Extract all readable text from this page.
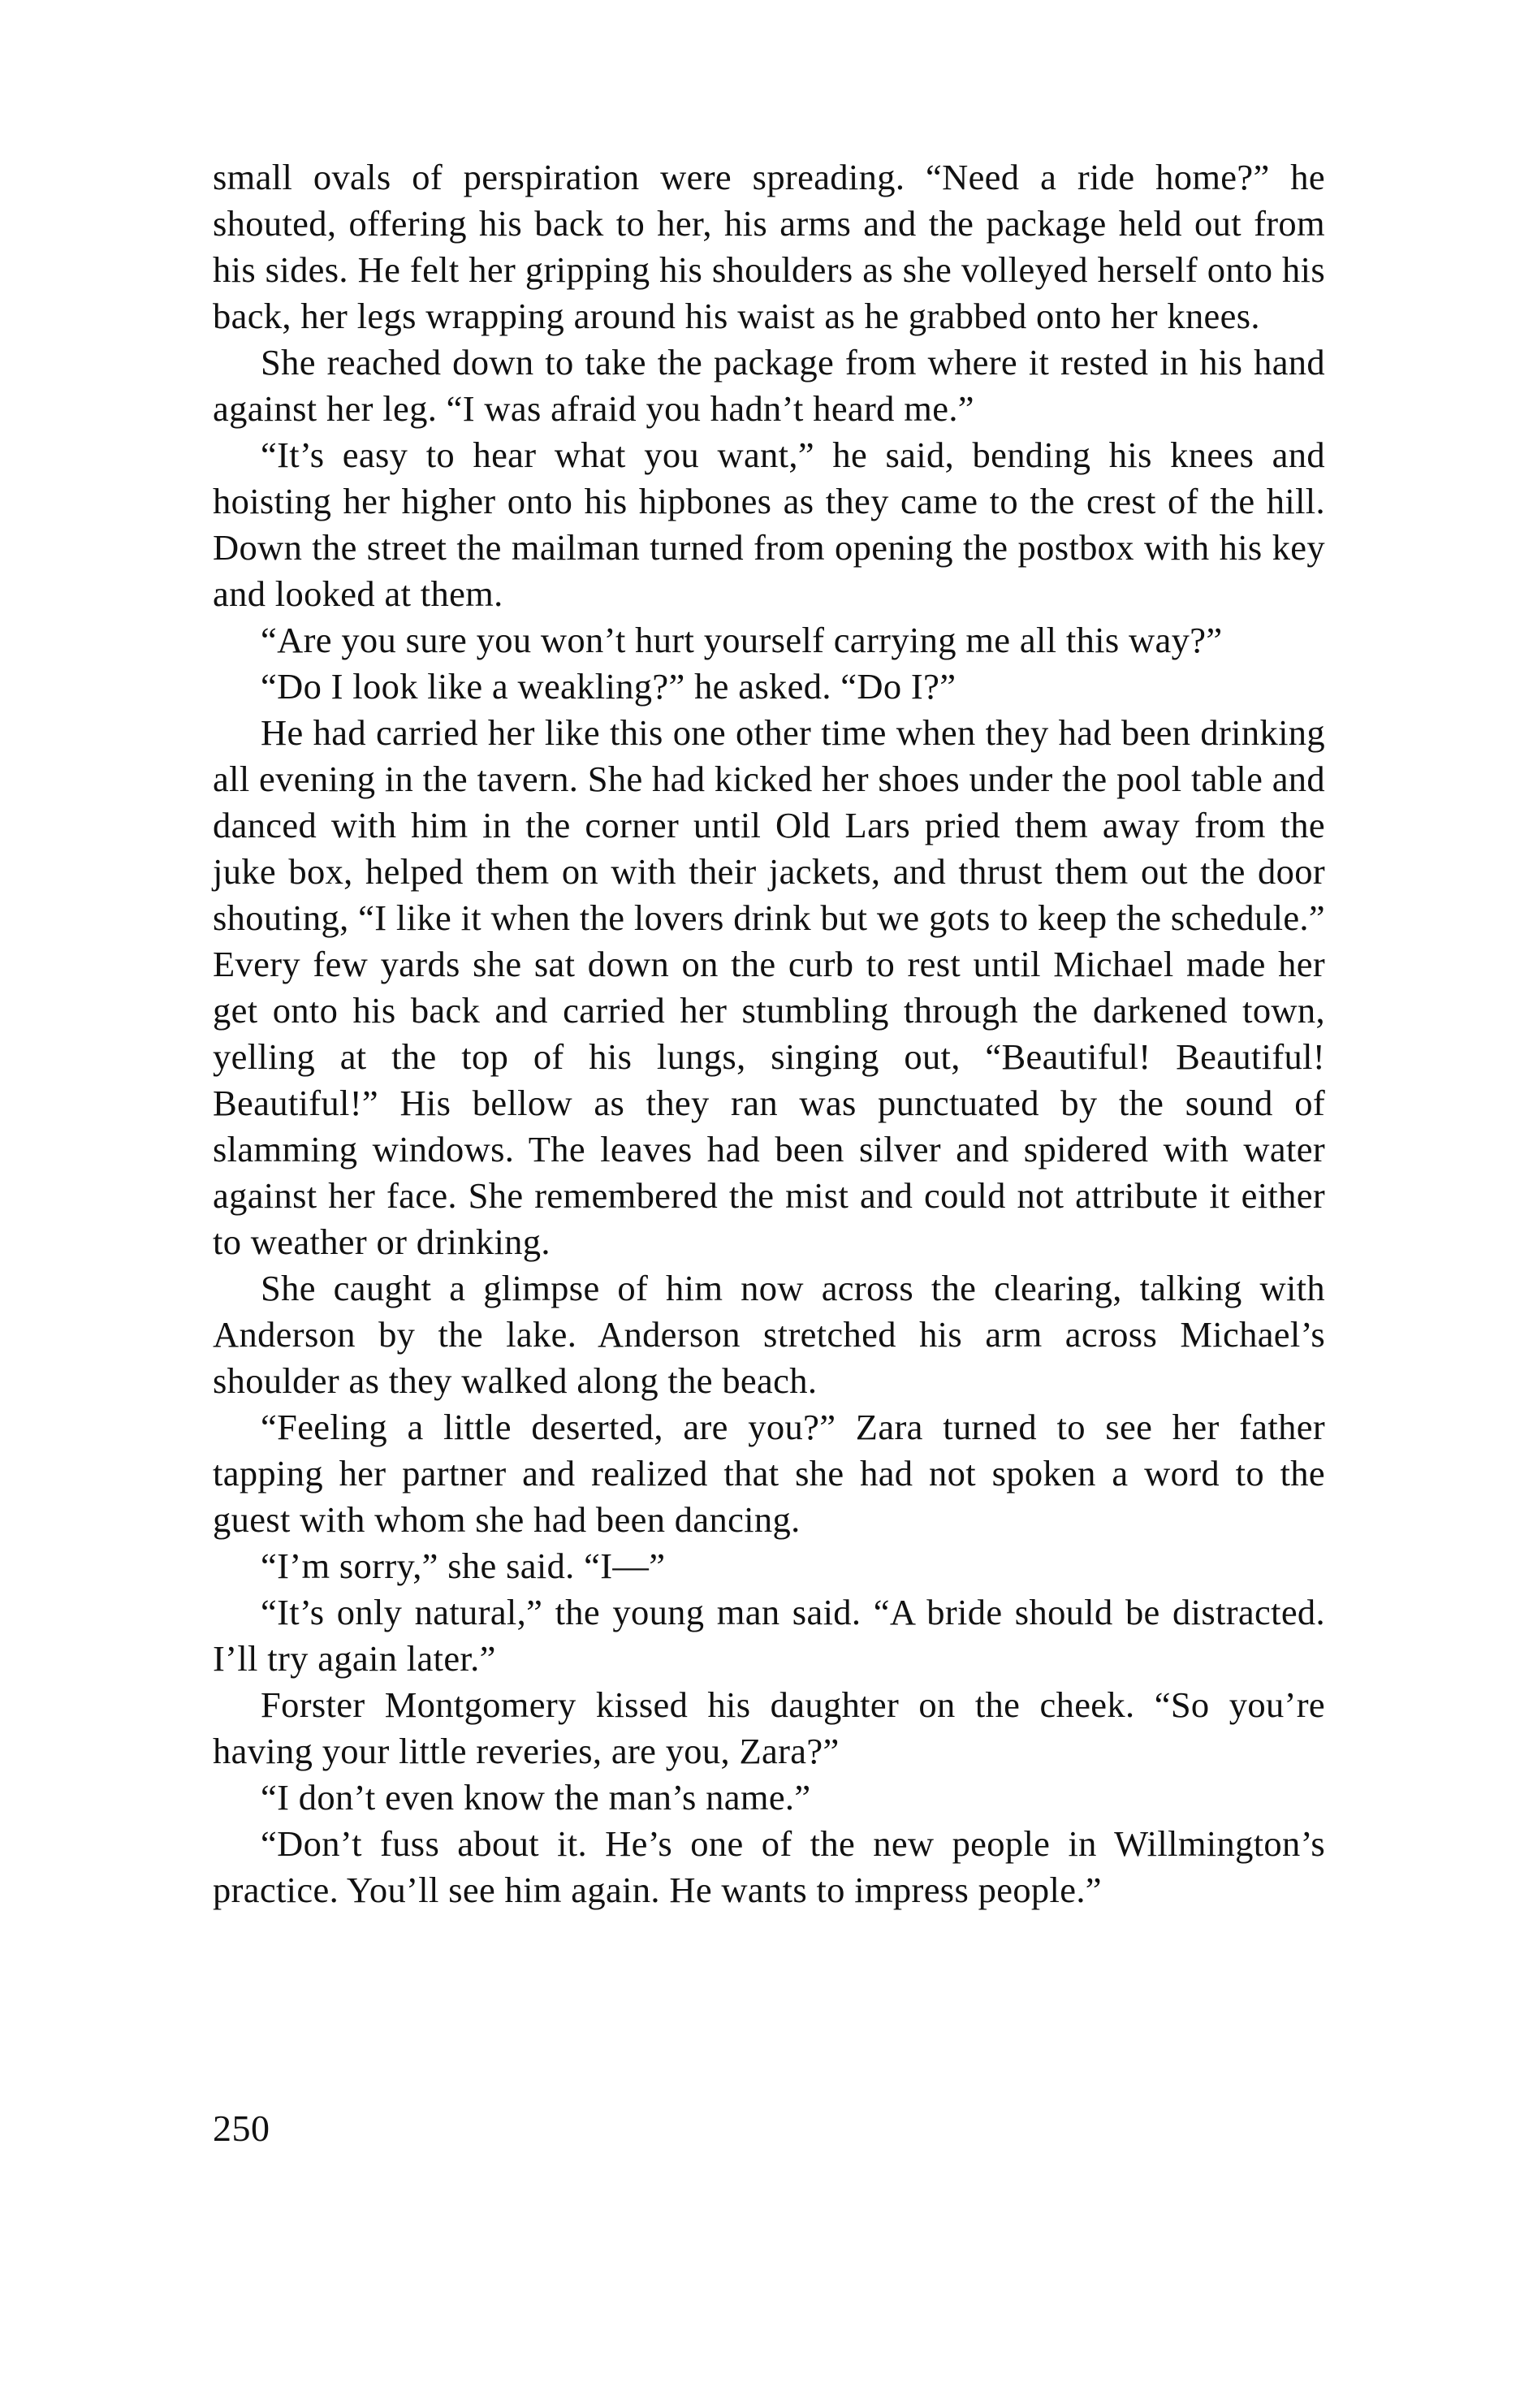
small ovals of perspiration were spreading. “Need a ride home?” he shouted, offering his back to her, his arms and the package held out from his sides. He felt her gripping his shoulders as she volleyed herself onto his back, her legs wrapping around his waist as he grabbed onto her knees.

She reached down to take the package from where it rested in his hand against her leg. “I was afraid you hadn’t heard me.”

“It’s easy to hear what you want,” he said, bending his knees and hoisting her higher onto his hipbones as they came to the crest of the hill. Down the street the mailman turned from opening the postbox with his key and looked at them.

“Are you sure you won’t hurt yourself carrying me all this way?”

“Do I look like a weakling?” he asked. “Do I?”

He had carried her like this one other time when they had been drinking all evening in the tavern. She had kicked her shoes under the pool table and danced with him in the corner until Old Lars pried them away from the juke box, helped them on with their jackets, and thrust them out the door shouting, “I like it when the lovers drink but we gots to keep the schedule.” Every few yards she sat down on the curb to rest until Michael made her get onto his back and carried her stumbling through the darkened town, yelling at the top of his lungs, singing out, “Beautiful! Beautiful! Beautiful!” His bellow as they ran was punctuated by the sound of slamming windows. The leaves had been silver and spidered with water against her face. She remembered the mist and could not attribute it either to weather or drinking.

She caught a glimpse of him now across the clearing, talking with Anderson by the lake. Anderson stretched his arm across Michael’s shoulder as they walked along the beach.

“Feeling a little deserted, are you?” Zara turned to see her father tapping her partner and realized that she had not spoken a word to the guest with whom she had been dancing.

“I’m sorry,” she said. “I—”

“It’s only natural,” the young man said. “A bride should be distracted. I’ll try again later.”

Forster Montgomery kissed his daughter on the cheek. “So you’re having your little reveries, are you, Zara?”

“I don’t even know the man’s name.”

“Don’t fuss about it. He’s one of the new people in Willmington’s practice. You’ll see him again. He wants to impress people.”

250
